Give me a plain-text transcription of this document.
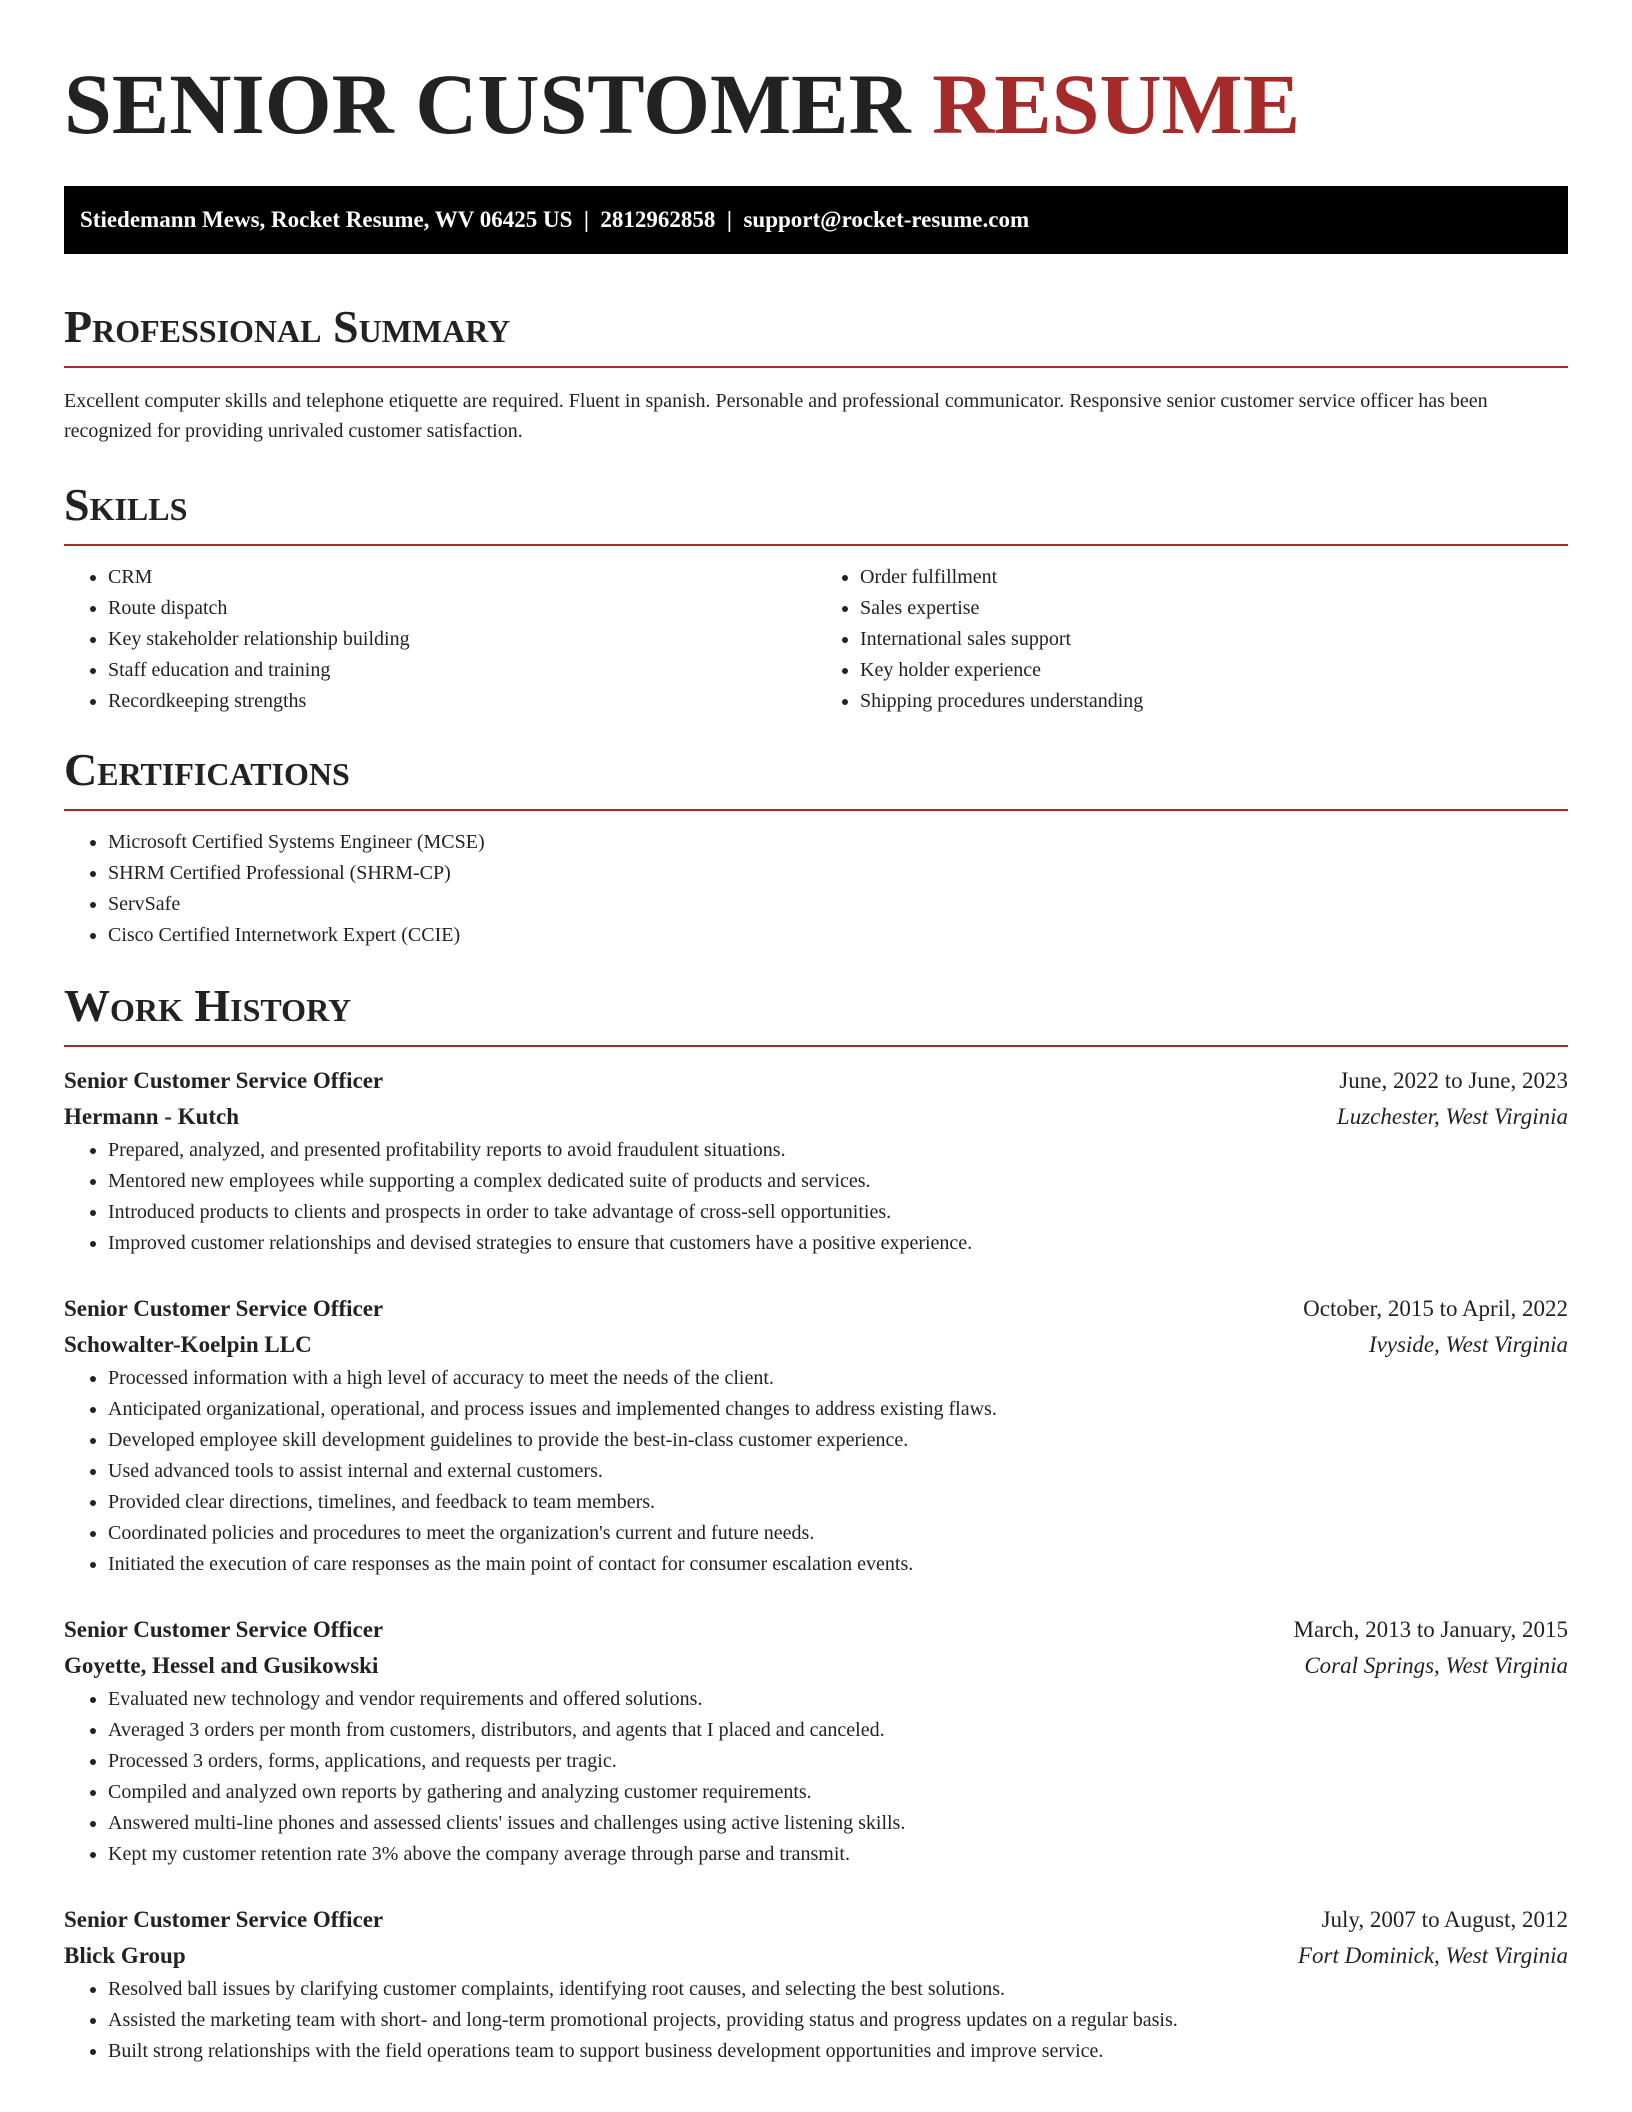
SENIOR CUSTOMER RESUME
Stiedemann Mews, Rocket Resume, WV 06425 US  |  2812962858  |  support@rocket-resume.com
Professional Summary

Excellent computer skills and telephone etiquette are required. Fluent in spanish. Personable and professional communicator. Responsive senior customer service officer has been recognized for providing unrivaled customer satisfaction.

Skills
• CRM
• Route dispatch
• Key stakeholder relationship building
• Staff education and training
• Recordkeeping strengths
• Order fulfillment
• Sales expertise
• International sales support
• Key holder experience
• Shipping procedures understanding
Certifications
• Microsoft Certified Systems Engineer (MCSE)
• SHRM Certified Professional (SHRM-CP)
• ServSafe
• Cisco Certified Internetwork Expert (CCIE)
Work History
Senior Customer Service Officer	June, 2022 to June, 2023
Hermann - Kutch	Luzchester, West Virginia
• Prepared, analyzed, and presented profitability reports to avoid fraudulent situations.
• Mentored new employees while supporting a complex dedicated suite of products and services.
• Introduced products to clients and prospects in order to take advantage of cross-sell opportunities.
• Improved customer relationships and devised strategies to ensure that customers have a positive experience.
Senior Customer Service Officer	October, 2015 to April, 2022
Schowalter-Koelpin LLC	Ivyside, West Virginia
• Processed information with a high level of accuracy to meet the needs of the client.
• Anticipated organizational, operational, and process issues and implemented changes to address existing flaws.
• Developed employee skill development guidelines to provide the best-in-class customer experience.
• Used advanced tools to assist internal and external customers.
• Provided clear directions, timelines, and feedback to team members.
• Coordinated policies and procedures to meet the organization's current and future needs.
• Initiated the execution of care responses as the main point of contact for consumer escalation events.
Senior Customer Service Officer	March, 2013 to January, 2015
Goyette, Hessel and Gusikowski	Coral Springs, West Virginia
• Evaluated new technology and vendor requirements and offered solutions.
• Averaged 3 orders per month from customers, distributors, and agents that I placed and canceled.
• Processed 3 orders, forms, applications, and requests per tragic.
• Compiled and analyzed own reports by gathering and analyzing customer requirements.
• Answered multi-line phones and assessed clients' issues and challenges using active listening skills.
• Kept my customer retention rate 3% above the company average through parse and transmit.
Senior Customer Service Officer	July, 2007 to August, 2012
Blick Group	Fort Dominick, West Virginia
• Resolved ball issues by clarifying customer complaints, identifying root causes, and selecting the best solutions.
• Assisted the marketing team with short- and long-term promotional projects, providing status and progress updates on a regular basis.
• Built strong relationships with the field operations team to support business development opportunities and improve service.
